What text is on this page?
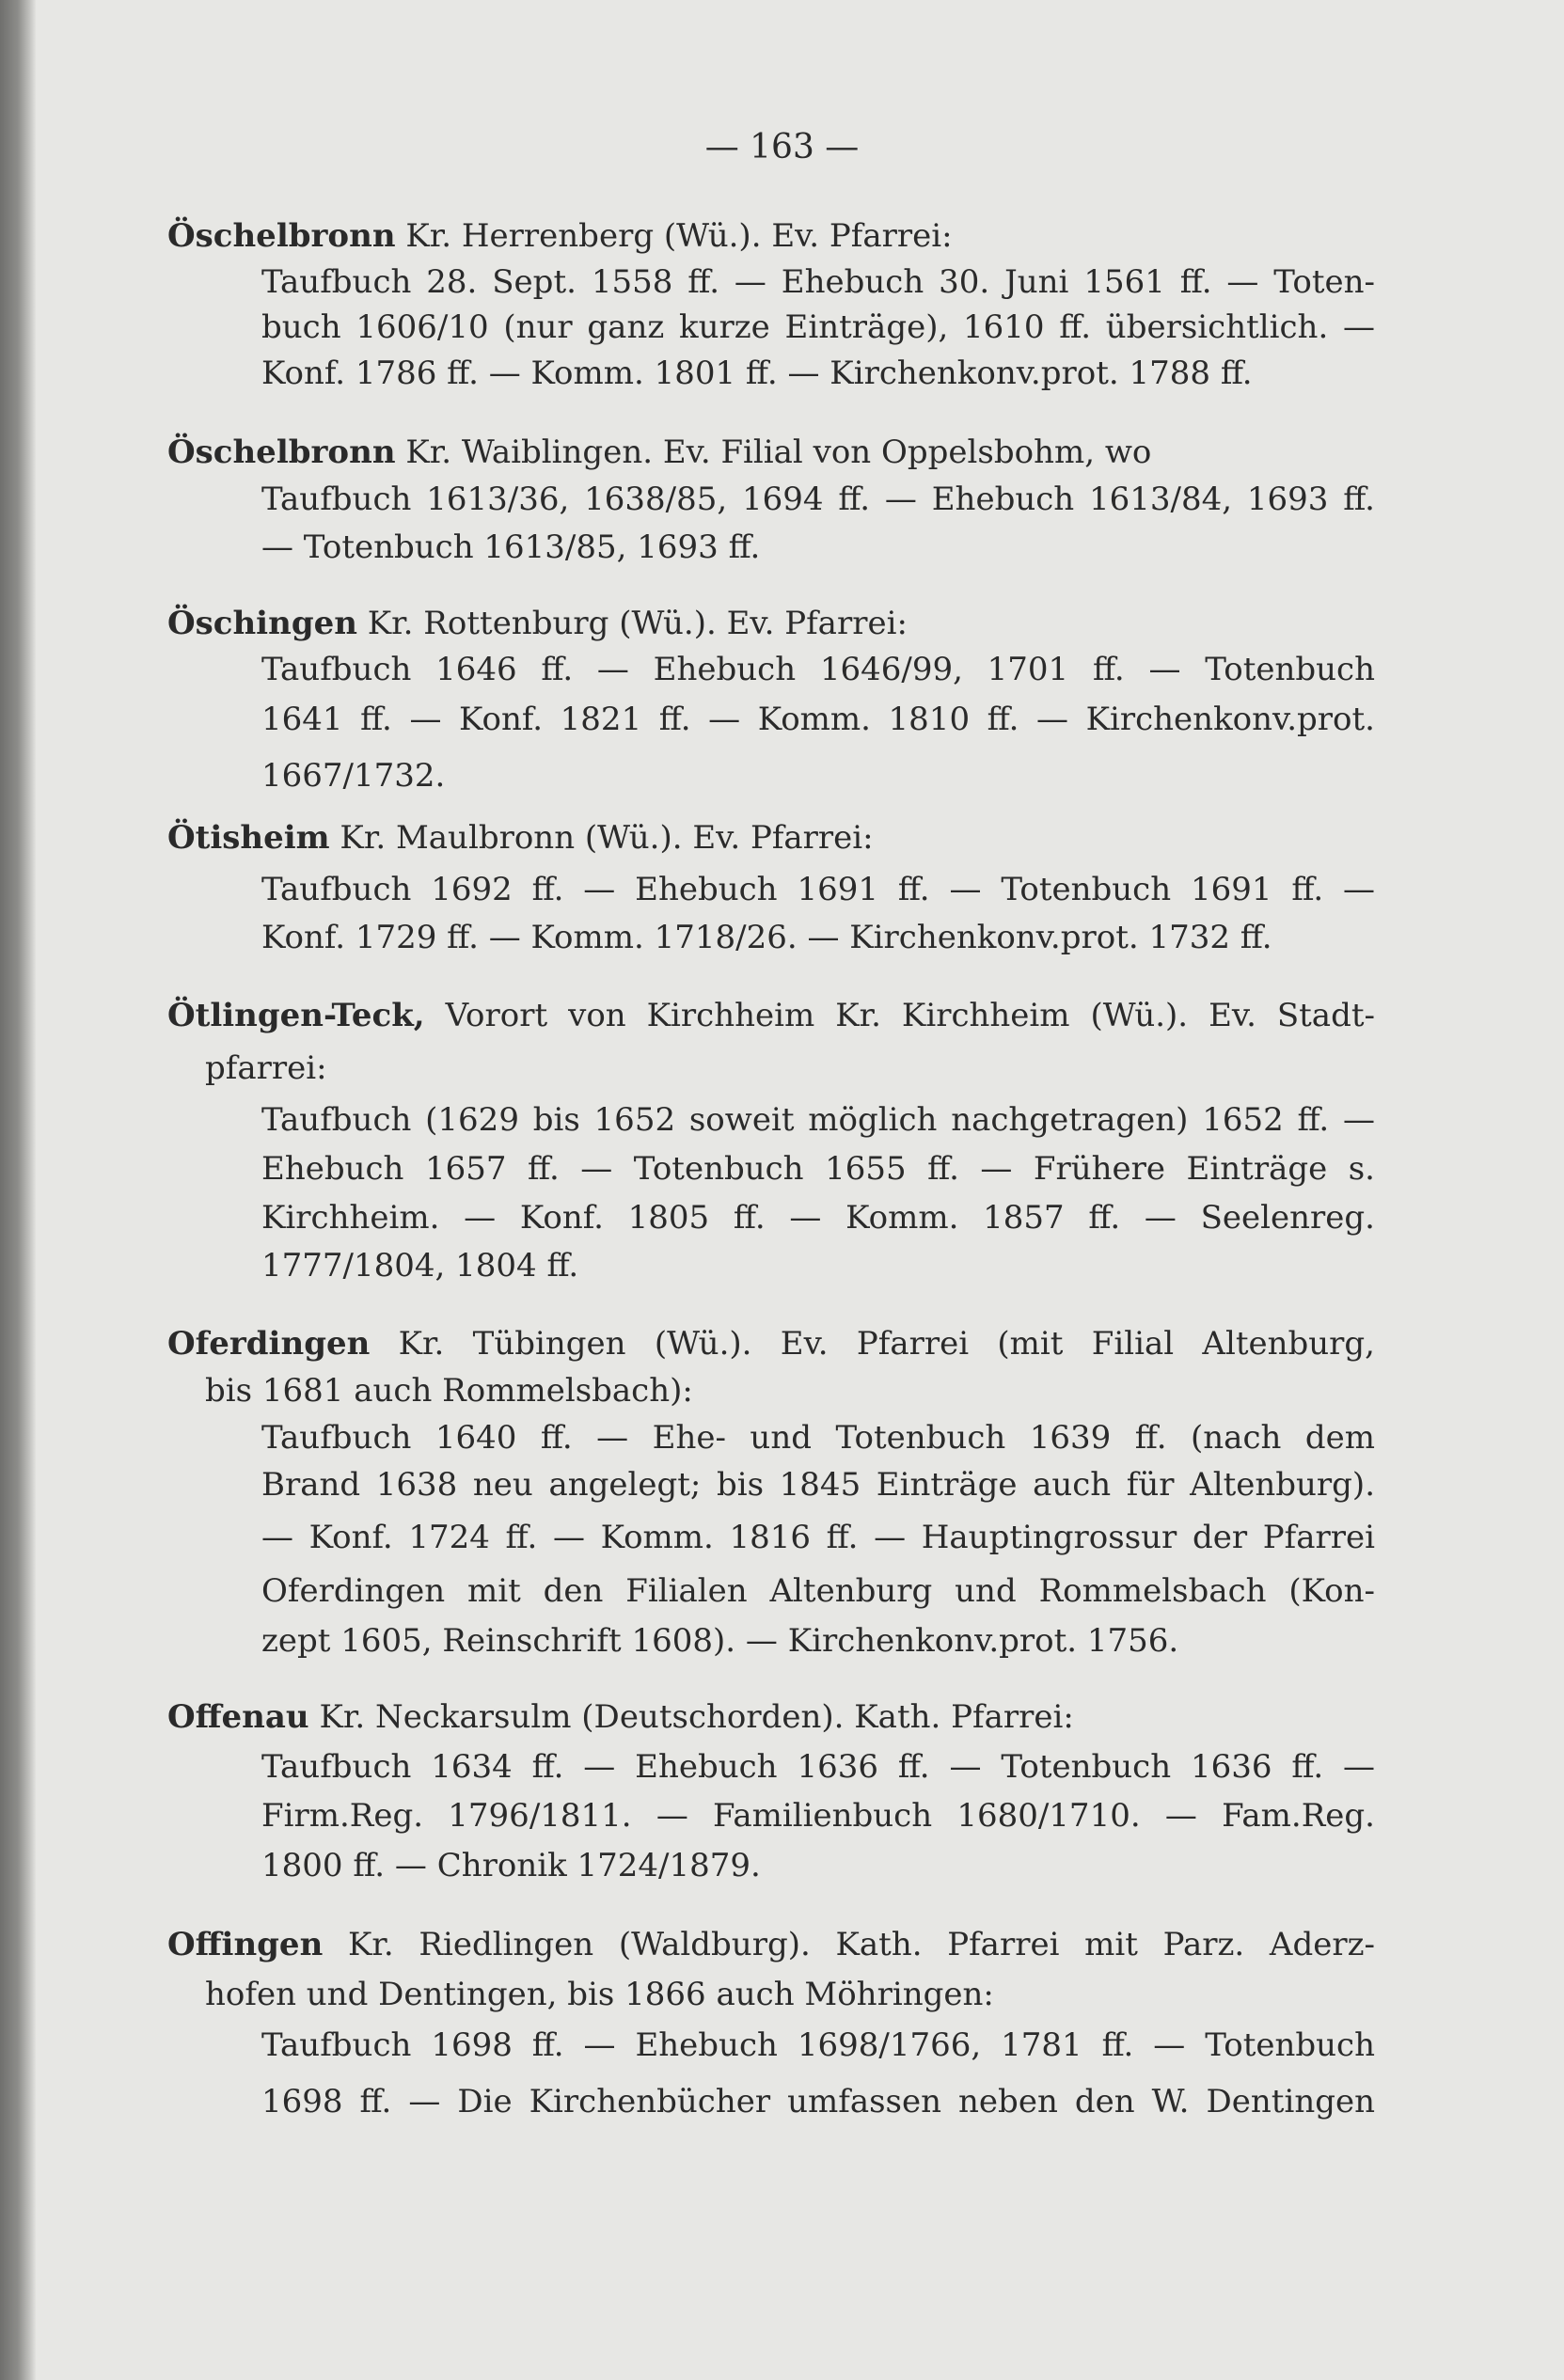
— 163 —
Öschelbronn Kr. Herrenberg (Wü.). Ev. Pfarrei:
Taufbuch 28. Sept. 1558 ff. — Ehebuch 30. Juni 1561 ff. — Toten-
buch 1606/10 (nur ganz kurze Einträge), 1610 ff. übersichtlich. —
Konf. 1786 ff. — Komm. 1801 ff. — Kirchenkonv.prot. 1788 ff.
Öschelbronn Kr. Waiblingen. Ev. Filial von Oppelsbohm, wo
Taufbuch 1613/36, 1638/85, 1694 ff. — Ehebuch 1613/84, 1693 ff.
— Totenbuch 1613/85, 1693 ff.
Öschingen Kr. Rottenburg (Wü.). Ev. Pfarrei:
Taufbuch 1646 ff. — Ehebuch 1646/99, 1701 ff. — Totenbuch
1641 ff. — Konf. 1821 ff. — Komm. 1810 ff. — Kirchenkonv.prot.
1667/1732.
Ötisheim Kr. Maulbronn (Wü.). Ev. Pfarrei:
Taufbuch 1692 ff. — Ehebuch 1691 ff. — Totenbuch 1691 ff. —
Konf. 1729 ff. — Komm. 1718/26. — Kirchenkonv.prot. 1732 ff.
Ötlingen-Teck, Vorort von Kirchheim Kr. Kirchheim (Wü.). Ev. Stadt-
pfarrei:
Taufbuch (1629 bis 1652 soweit möglich nachgetragen) 1652 ff. —
Ehebuch 1657 ff. — Totenbuch 1655 ff. — Frühere Einträge s.
Kirchheim. — Konf. 1805 ff. — Komm. 1857 ff. — Seelenreg.
1777/1804, 1804 ff.
Oferdingen Kr. Tübingen (Wü.). Ev. Pfarrei (mit Filial Altenburg,
bis 1681 auch Rommelsbach):
Taufbuch 1640 ff. — Ehe- und Totenbuch 1639 ff. (nach dem
Brand 1638 neu angelegt; bis 1845 Einträge auch für Altenburg).
— Konf. 1724 ff. — Komm. 1816 ff. — Hauptingrossur der Pfarrei
Oferdingen mit den Filialen Altenburg und Rommelsbach (Kon-
zept 1605, Reinschrift 1608). — Kirchenkonv.prot. 1756.
Offenau Kr. Neckarsulm (Deutschorden). Kath. Pfarrei:
Taufbuch 1634 ff. — Ehebuch 1636 ff. — Totenbuch 1636 ff. —
Firm.Reg. 1796/1811. — Familienbuch 1680/1710. — Fam.Reg.
1800 ff. — Chronik 1724/1879.
Offingen Kr. Riedlingen (Waldburg). Kath. Pfarrei mit Parz. Aderz-
hofen und Dentingen, bis 1866 auch Möhringen:
Taufbuch 1698 ff. — Ehebuch 1698/1766, 1781 ff. — Totenbuch
1698 ff. — Die Kirchenbücher umfassen neben den W. Dentingen
